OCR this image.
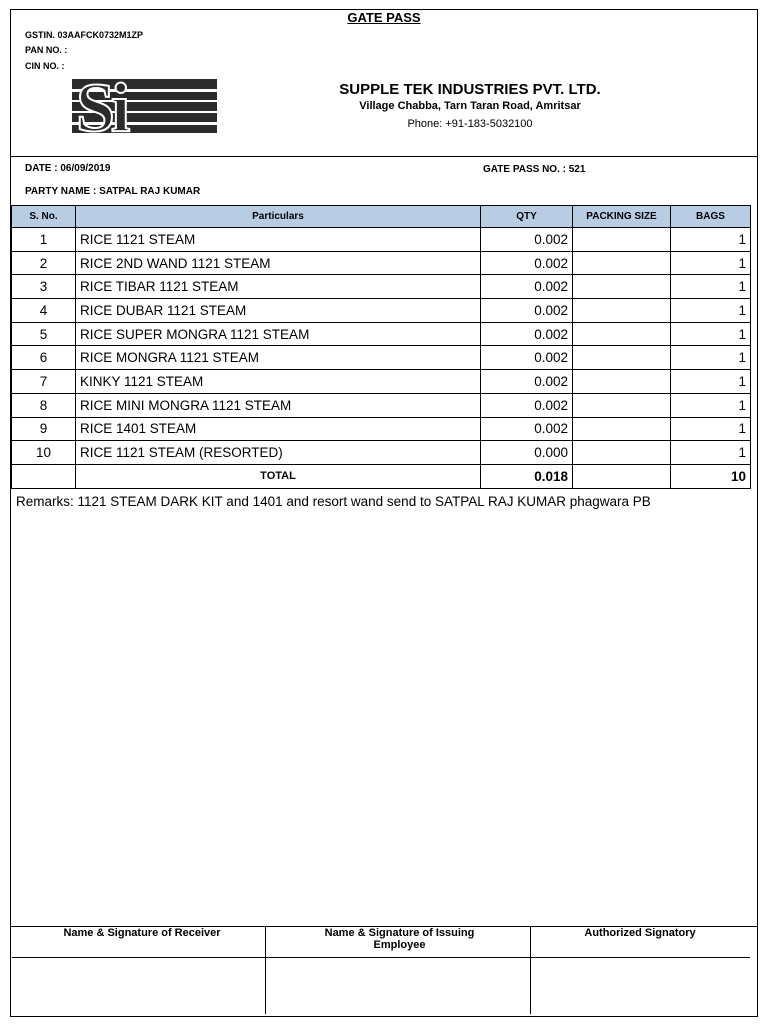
GATE PASS
GSTIN. 03AAFCK0732M1ZP
PAN NO. :
CIN NO. :
Si	SUPPLE TEK INDUSTRIES PVT. LTD.
Village Chabba, Tarn Taran Road, Amritsar
Phone: +91-183-5032100
DATE : 06/09/2019	GATE PASS NO. : 521
PARTY NAME : SATPAL RAJ KUMAR
S. No.	Particulars	QTY	PACKING SIZE	BAGS
1	RICE 1121 STEAM	0.002		1
2	RICE 2ND WAND 1121 STEAM	0.002		1
3	RICE TIBAR 1121 STEAM	0.002		1
4	RICE DUBAR 1121 STEAM	0.002		1
5	RICE SUPER MONGRA 1121 STEAM	0.002		1
6	RICE MONGRA 1121 STEAM	0.002		1
7	KINKY 1121 STEAM	0.002		1
8	RICE MINI MONGRA 1121 STEAM	0.002		1
9	RICE 1401 STEAM	0.002		1
10	RICE 1121 STEAM (RESORTED)	0.000		1
	TOTAL	0.018		10
Remarks: 1121 STEAM DARK KIT and 1401 and resort wand send to SATPAL RAJ KUMAR phagwara PB
Name & Signature of Receiver	Name & Signature of Issuing Employee
Authorized Signatory
